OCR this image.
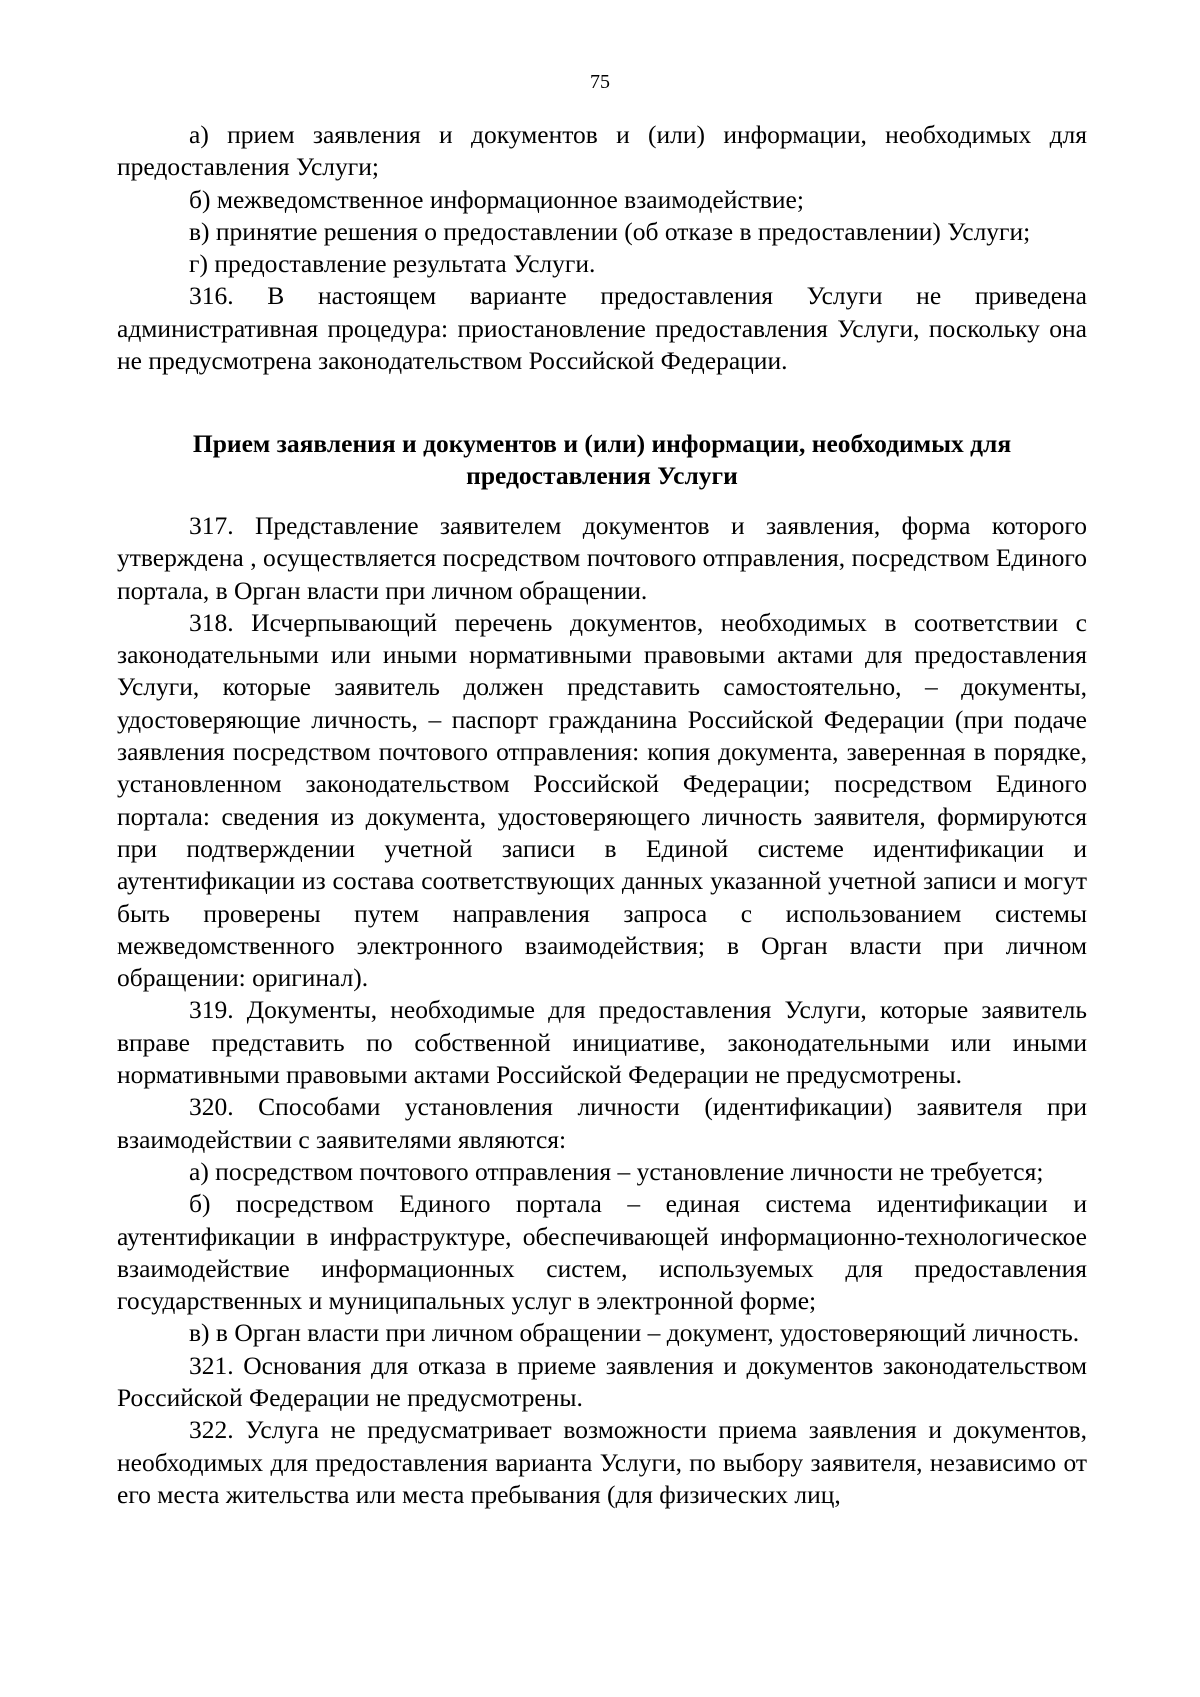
75

а) прием заявления и документов и (или) информации, необходимых для предоставления Услуги;

б) межведомственное информационное взаимодействие;

в) принятие решения о предоставлении (об отказе в предоставлении) Услуги;

г) предоставление результата Услуги.

316. В настоящем варианте предоставления Услуги не приведена административная процедура: приостановление предоставления Услуги, поскольку она не предусмотрена законодательством Российской Федерации.

Прием заявления и документов и (или) информации, необходимых для

предоставления Услуги

317. Представление заявителем документов и заявления, форма которого утверждена , осуществляется посредством почтового отправления, посредством Единого портала, в Орган власти при личном обращении.

318. Исчерпывающий перечень документов, необходимых в соответствии с законодательными или иными нормативными правовыми актами для предоставления Услуги, которые заявитель должен представить самостоятельно, – документы, удостоверяющие личность, – паспорт гражданина Российской Федерации (при подаче заявления посредством почтового отправления: копия документа, заверенная в порядке, установленном законодательством Российской Федерации; посредством Единого портала: сведения из документа, удостоверяющего личность заявителя, формируются при подтверждении учетной записи в Единой системе идентификации и аутентификации из состава соответствующих данных указанной учетной записи и могут быть проверены путем направления запроса с использованием системы межведомственного электронного взаимодействия; в Орган власти при личном обращении: оригинал).

319. Документы, необходимые для предоставления Услуги, которые заявитель вправе представить по собственной инициативе, законодательными или иными нормативными правовыми актами Российской Федерации не предусмотрены.

320. Способами установления личности (идентификации) заявителя при взаимодействии с заявителями являются:

а) посредством почтового отправления – установление личности не требуется;

б) посредством Единого портала – единая система идентификации и аутентификации в инфраструктуре, обеспечивающей информационно-технологическое взаимодействие информационных систем, используемых для предоставления государственных и муниципальных услуг в электронной форме;

в) в Орган власти при личном обращении – документ, удостоверяющий личность.

321. Основания для отказа в приеме заявления и документов законодательством Российской Федерации не предусмотрены.

322. Услуга не предусматривает возможности приема заявления и документов, необходимых для предоставления варианта Услуги, по выбору заявителя, независимо от его места жительства или места пребывания (для физических лиц,
